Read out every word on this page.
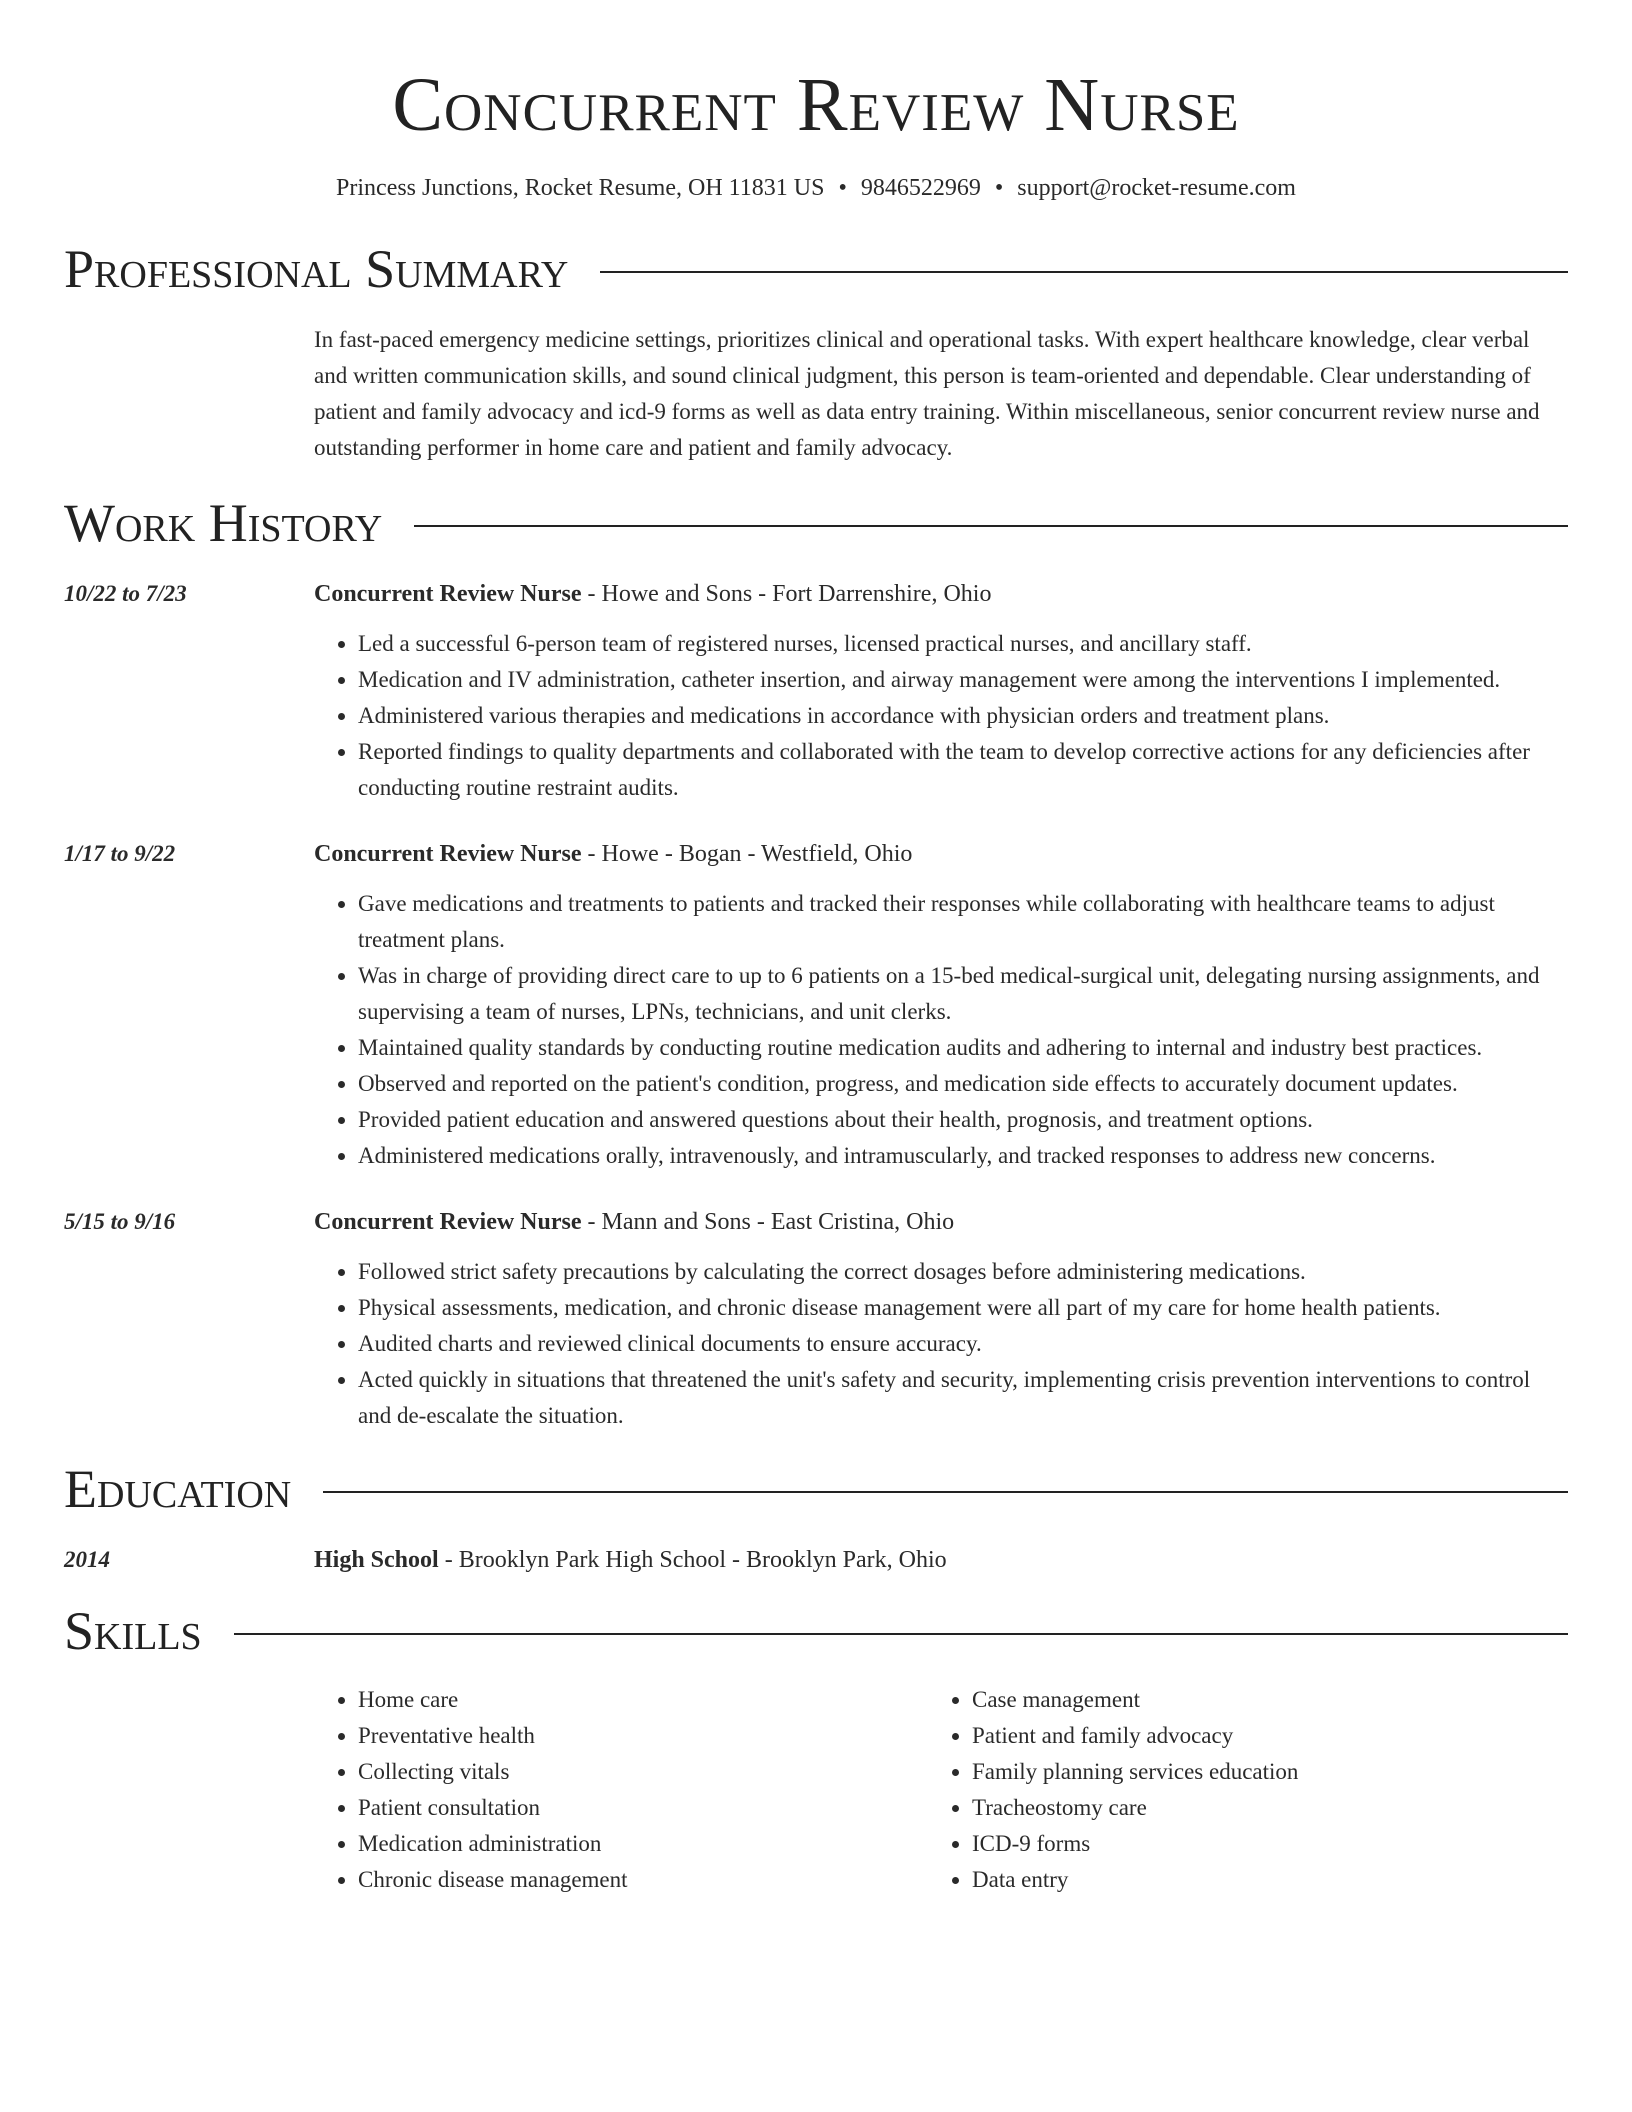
Concurrent Review Nurse
Princess Junctions, Rocket Resume, OH 11831 US • 9846522969 • support@rocket-resume.com
Professional Summary
In fast-paced emergency medicine settings, prioritizes clinical and operational tasks. With expert healthcare knowledge, clear verbal and written communication skills, and sound clinical judgment, this person is team-oriented and dependable. Clear understanding of patient and family advocacy and icd-9 forms as well as data entry training. Within miscellaneous, senior concurrent review nurse and outstanding performer in home care and patient and family advocacy.
Work History
10/22 to 7/23	Concurrent Review Nurse - Howe and Sons - Fort Darrenshire, Ohio
• Led a successful 6-person team of registered nurses, licensed practical nurses, and ancillary staff.
• Medication and IV administration, catheter insertion, and airway management were among the interventions I implemented.
• Administered various therapies and medications in accordance with physician orders and treatment plans.
• Reported findings to quality departments and collaborated with the team to develop corrective actions for any deficiencies after conducting routine restraint audits.
1/17 to 9/22	Concurrent Review Nurse - Howe - Bogan - Westfield, Ohio
• Gave medications and treatments to patients and tracked their responses while collaborating with healthcare teams to adjust treatment plans.
• Was in charge of providing direct care to up to 6 patients on a 15-bed medical-surgical unit, delegating nursing assignments, and supervising a team of nurses, LPNs, technicians, and unit clerks.
• Maintained quality standards by conducting routine medication audits and adhering to internal and industry best practices.
• Observed and reported on the patient's condition, progress, and medication side effects to accurately document updates.
• Provided patient education and answered questions about their health, prognosis, and treatment options.
• Administered medications orally, intravenously, and intramuscularly, and tracked responses to address new concerns.
5/15 to 9/16	Concurrent Review Nurse - Mann and Sons - East Cristina, Ohio
• Followed strict safety precautions by calculating the correct dosages before administering medications.
• Physical assessments, medication, and chronic disease management were all part of my care for home health patients.
• Audited charts and reviewed clinical documents to ensure accuracy.
• Acted quickly in situations that threatened the unit's safety and security, implementing crisis prevention interventions to control and de-escalate the situation.
Education
2014	High School - Brooklyn Park High School - Brooklyn Park, Ohio
Skills
• Home care
• Preventative health
• Collecting vitals
• Patient consultation
• Medication administration
• Chronic disease management
• Case management
• Patient and family advocacy
• Family planning services education
• Tracheostomy care
• ICD-9 forms
• Data entry
